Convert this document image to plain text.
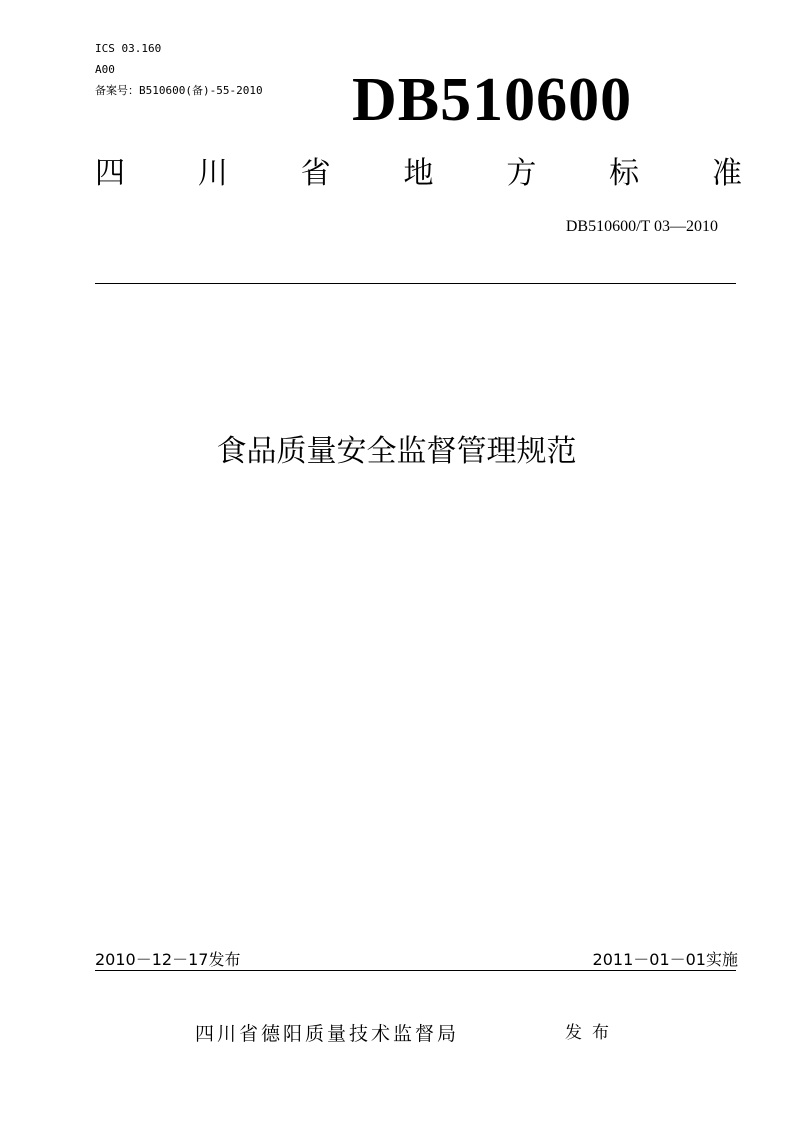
ICS 03.160
A00
备案号：B510600(备)-55-2010 DB510600
四 川 省 地 方 标 准
DB510600/T 03—2010
食品质量安全监督管理规范
2010－12－17发布	2011－01－01实施
四川省德阳质量技术监督局	发布
